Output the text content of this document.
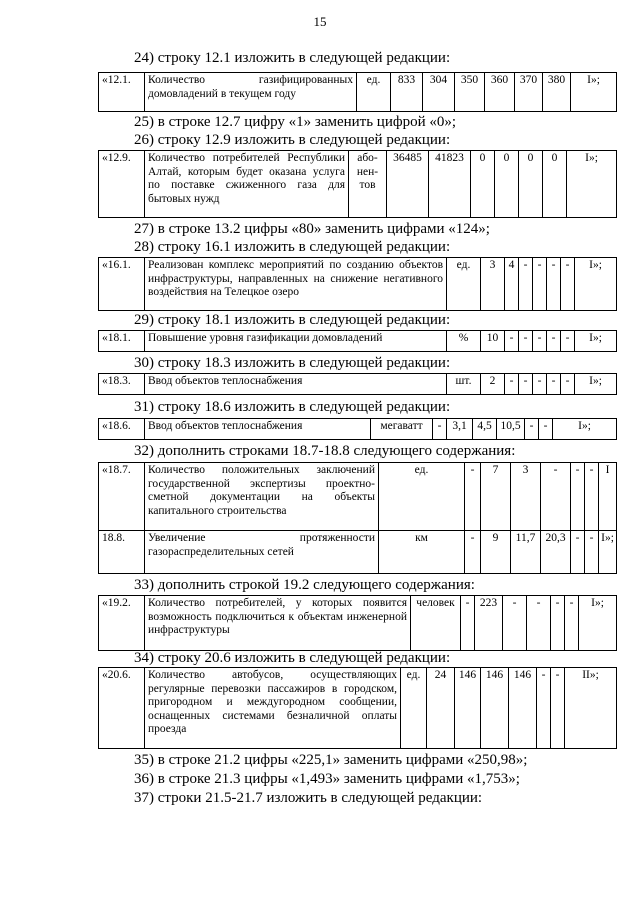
15
24) строку 12.1 изложить в следующей редакции:
«12.1.	Количество газифицированных домовладений в текущем году	ед.	833	304	350	360	370	380	I»;
25) в строке 12.7 цифру «1» заменить цифрой «0»;
26) строку 12.9 изложить в следующей редакции:
«12.9.	Количество потребителей Республики Алтай, которым будет оказана услуга по поставке сжиженного газа для бытовых нужд	або-
нен-
тов	36485	41823	0	0	0	0	I»;
27) в строке 13.2 цифры «80» заменить цифрами «124»;
28) строку 16.1 изложить в следующей редакции:
«16.1.	Реализован комплекс мероприятий по созданию объектов инфраструктуры, направленных на снижение негативного воздействия на Телецкое озеро	ед.	3	4	-	-	-	-	I»;
29) строку 18.1 изложить в следующей редакции:
«18.1.	Повышение уровня газификации домовладений	%	10	-	-	-	-	-	I»;
30) строку 18.3 изложить в следующей редакции:
«18.3.	Ввод объектов теплоснабжения	шт.	2	-	-	-	-	-	I»;
31) строку 18.6 изложить в следующей редакции:
«18.6.	Ввод объектов теплоснабжения	мегаватт	-	3,1	4,5	10,5	-	-	I»;
32) дополнить строками 18.7-18.8 следующего содержания:
«18.7.	Количество положительных заключений государственной экспертизы проектно-сметной документации на объекты капитального строительства	ед.	-	7	3	-	-	-	I
18.8.	Увеличение протяженности газораспределительных сетей	км	-	9	11,7	20,3	-	-	I»;
33) дополнить строкой 19.2 следующего содержания:
«19.2.	Количество потребителей, у которых появится возможность подключиться к объектам инженерной инфраструктуры	человек	-	223	-	-	-	-	I»;
34) строку 20.6 изложить в следующей редакции:
«20.6.	Количество автобусов, осуществляющих регулярные перевозки пассажиров в городском, пригородном и междугородном сообщении, оснащенных системами безналичной оплаты проезда	ед.	24	146	146	146	-	-	II»;
35) в строке 21.2 цифры «225,1» заменить цифрами «250,98»;
36) в строке 21.3 цифры «1,493» заменить цифрами «1,753»;
37) строки 21.5-21.7 изложить в следующей редакции:
